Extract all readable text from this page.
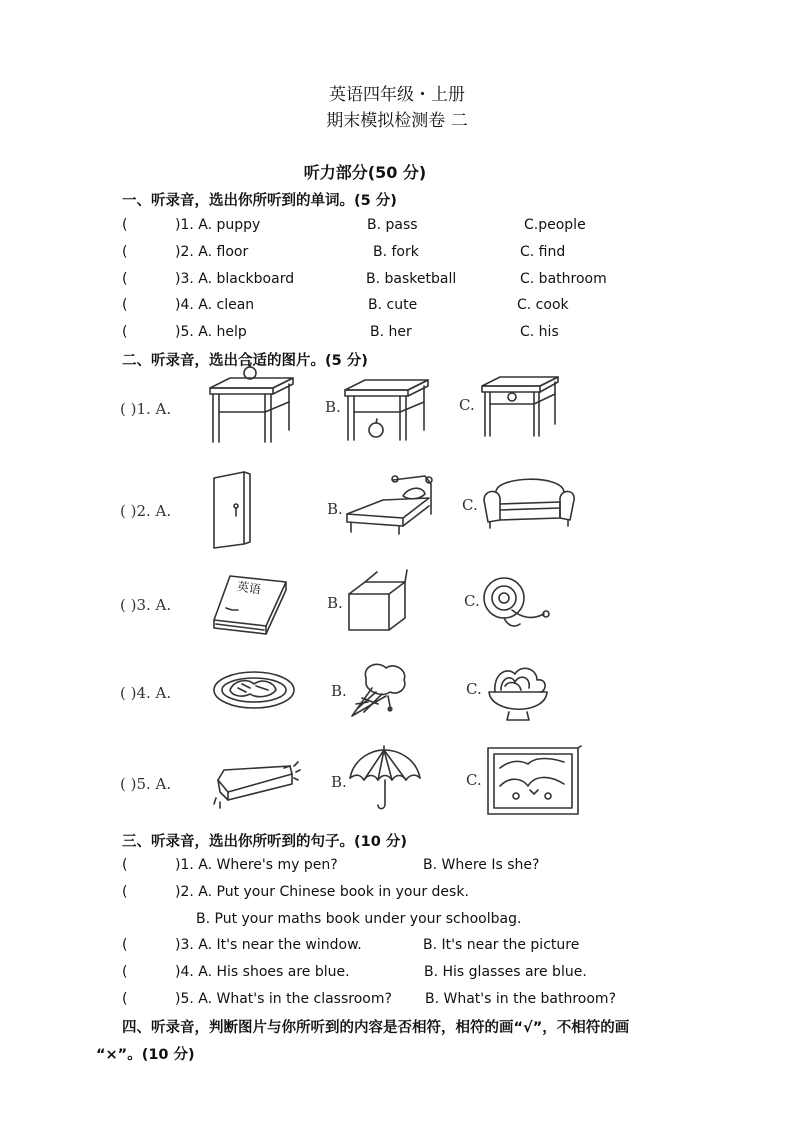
英语四年级・上册
期末模拟检测卷 二
听力部分(50 分)
一、听录音，选出你所听到的单词。(5 分)
(	)1. A. puppy	B. pass	C.people
(	)2. A. floor	B. fork	C. find
(	)3. A. blackboard	B. basketball	C. bathroom
(	)4. A. clean	B. cute	C. cook
(	)5. A. help	B. her	C. his
二、听录音，选出合适的图片。(5 分)
( )1. A.	B.	C.
( )2. A.	B.	C.
( )3. A.	B.	C.
英语
( )4. A.	B.	C.
( )5. A.	B.	C.
三、听录音，选出你所听到的句子。(10 分)
(	)1. A. Where's my pen?	B. Where Is she?
(	)2. A. Put your Chinese book in your desk.
B. Put your maths book under your schoolbag.
(	)3. A. It's near the window.	B. It's near the picture
(	)4. A. His shoes are blue.	B. His glasses are blue.
(	)5. A. What's in the classroom? B. What's in the bathroom?
四、听录音，判断图片与你所听到的内容是否相符，相符的画“√”，不相符的画
“×”。(10 分)
